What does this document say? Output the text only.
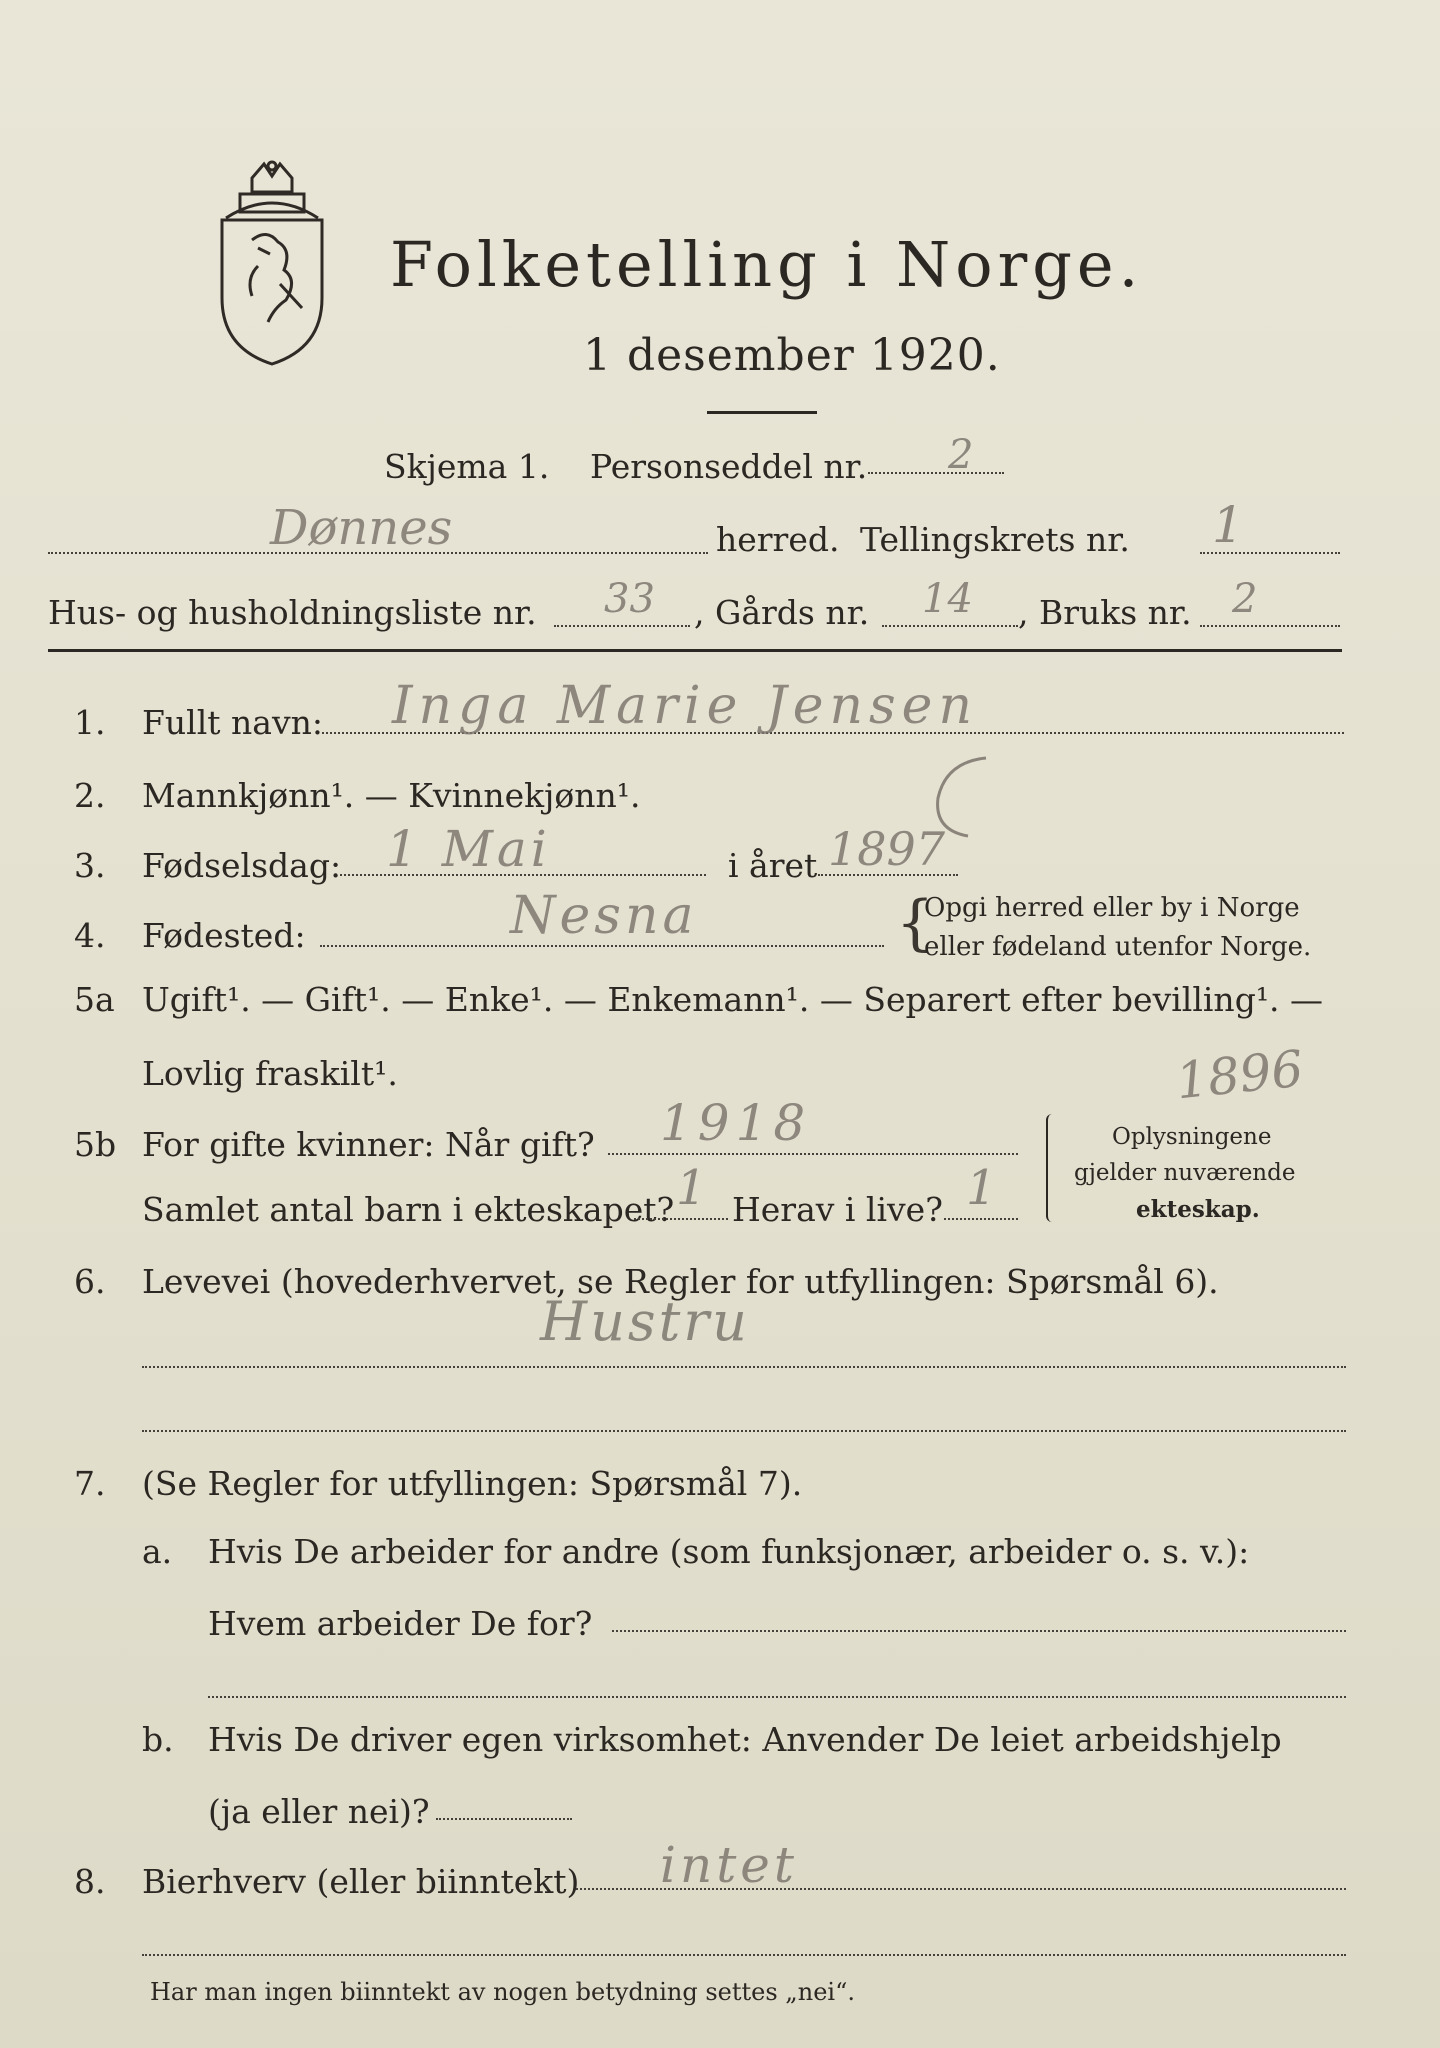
Folketelling i Norge.
1 desember 1920.
Skjema 1. Personseddel nr. 2
Dønnes	herred. Tellingskrets nr. 1
Hus- og husholdningsliste nr. 33 , Gårds nr. 14 , Bruks nr. 2
1. Fullt navn: Inga Marie Jensen
2. Mannkjønn¹. — Kvinnekjønn¹.
3. Fødselsdag: 1 Mai	i året 1897
4. Fødested:	Nesna	{
Opgi herred eller by i Norge
eller fødeland utenfor Norge.
5a Ugift¹. — Gift¹. — Enke¹. — Enkemann¹. — Separert efter bevilling¹. —
Lovlig fraskilt¹.	1896
5b For gifte kvinner: Når gift? 1918
Samlet antal barn i ekteskapet? 1 Herav i live? 1
Oplysningene
gjelder nuværende
ekteskap.
6. Levevei (hovederhvervet, se Regler for utfyllingen: Spørsmål 6).
Hustru
7. (Se Regler for utfyllingen: Spørsmål 7).
a. Hvis De arbeider for andre (som funksjonær, arbeider o. s. v.):
Hvem arbeider De for?
b. Hvis De driver egen virksomhet: Anvender De leiet arbeidshjelp
(ja eller nei)?
8. Bierhverv (eller biinntekt) intet
Har man ingen biinntekt av nogen betydning settes „nei“.
